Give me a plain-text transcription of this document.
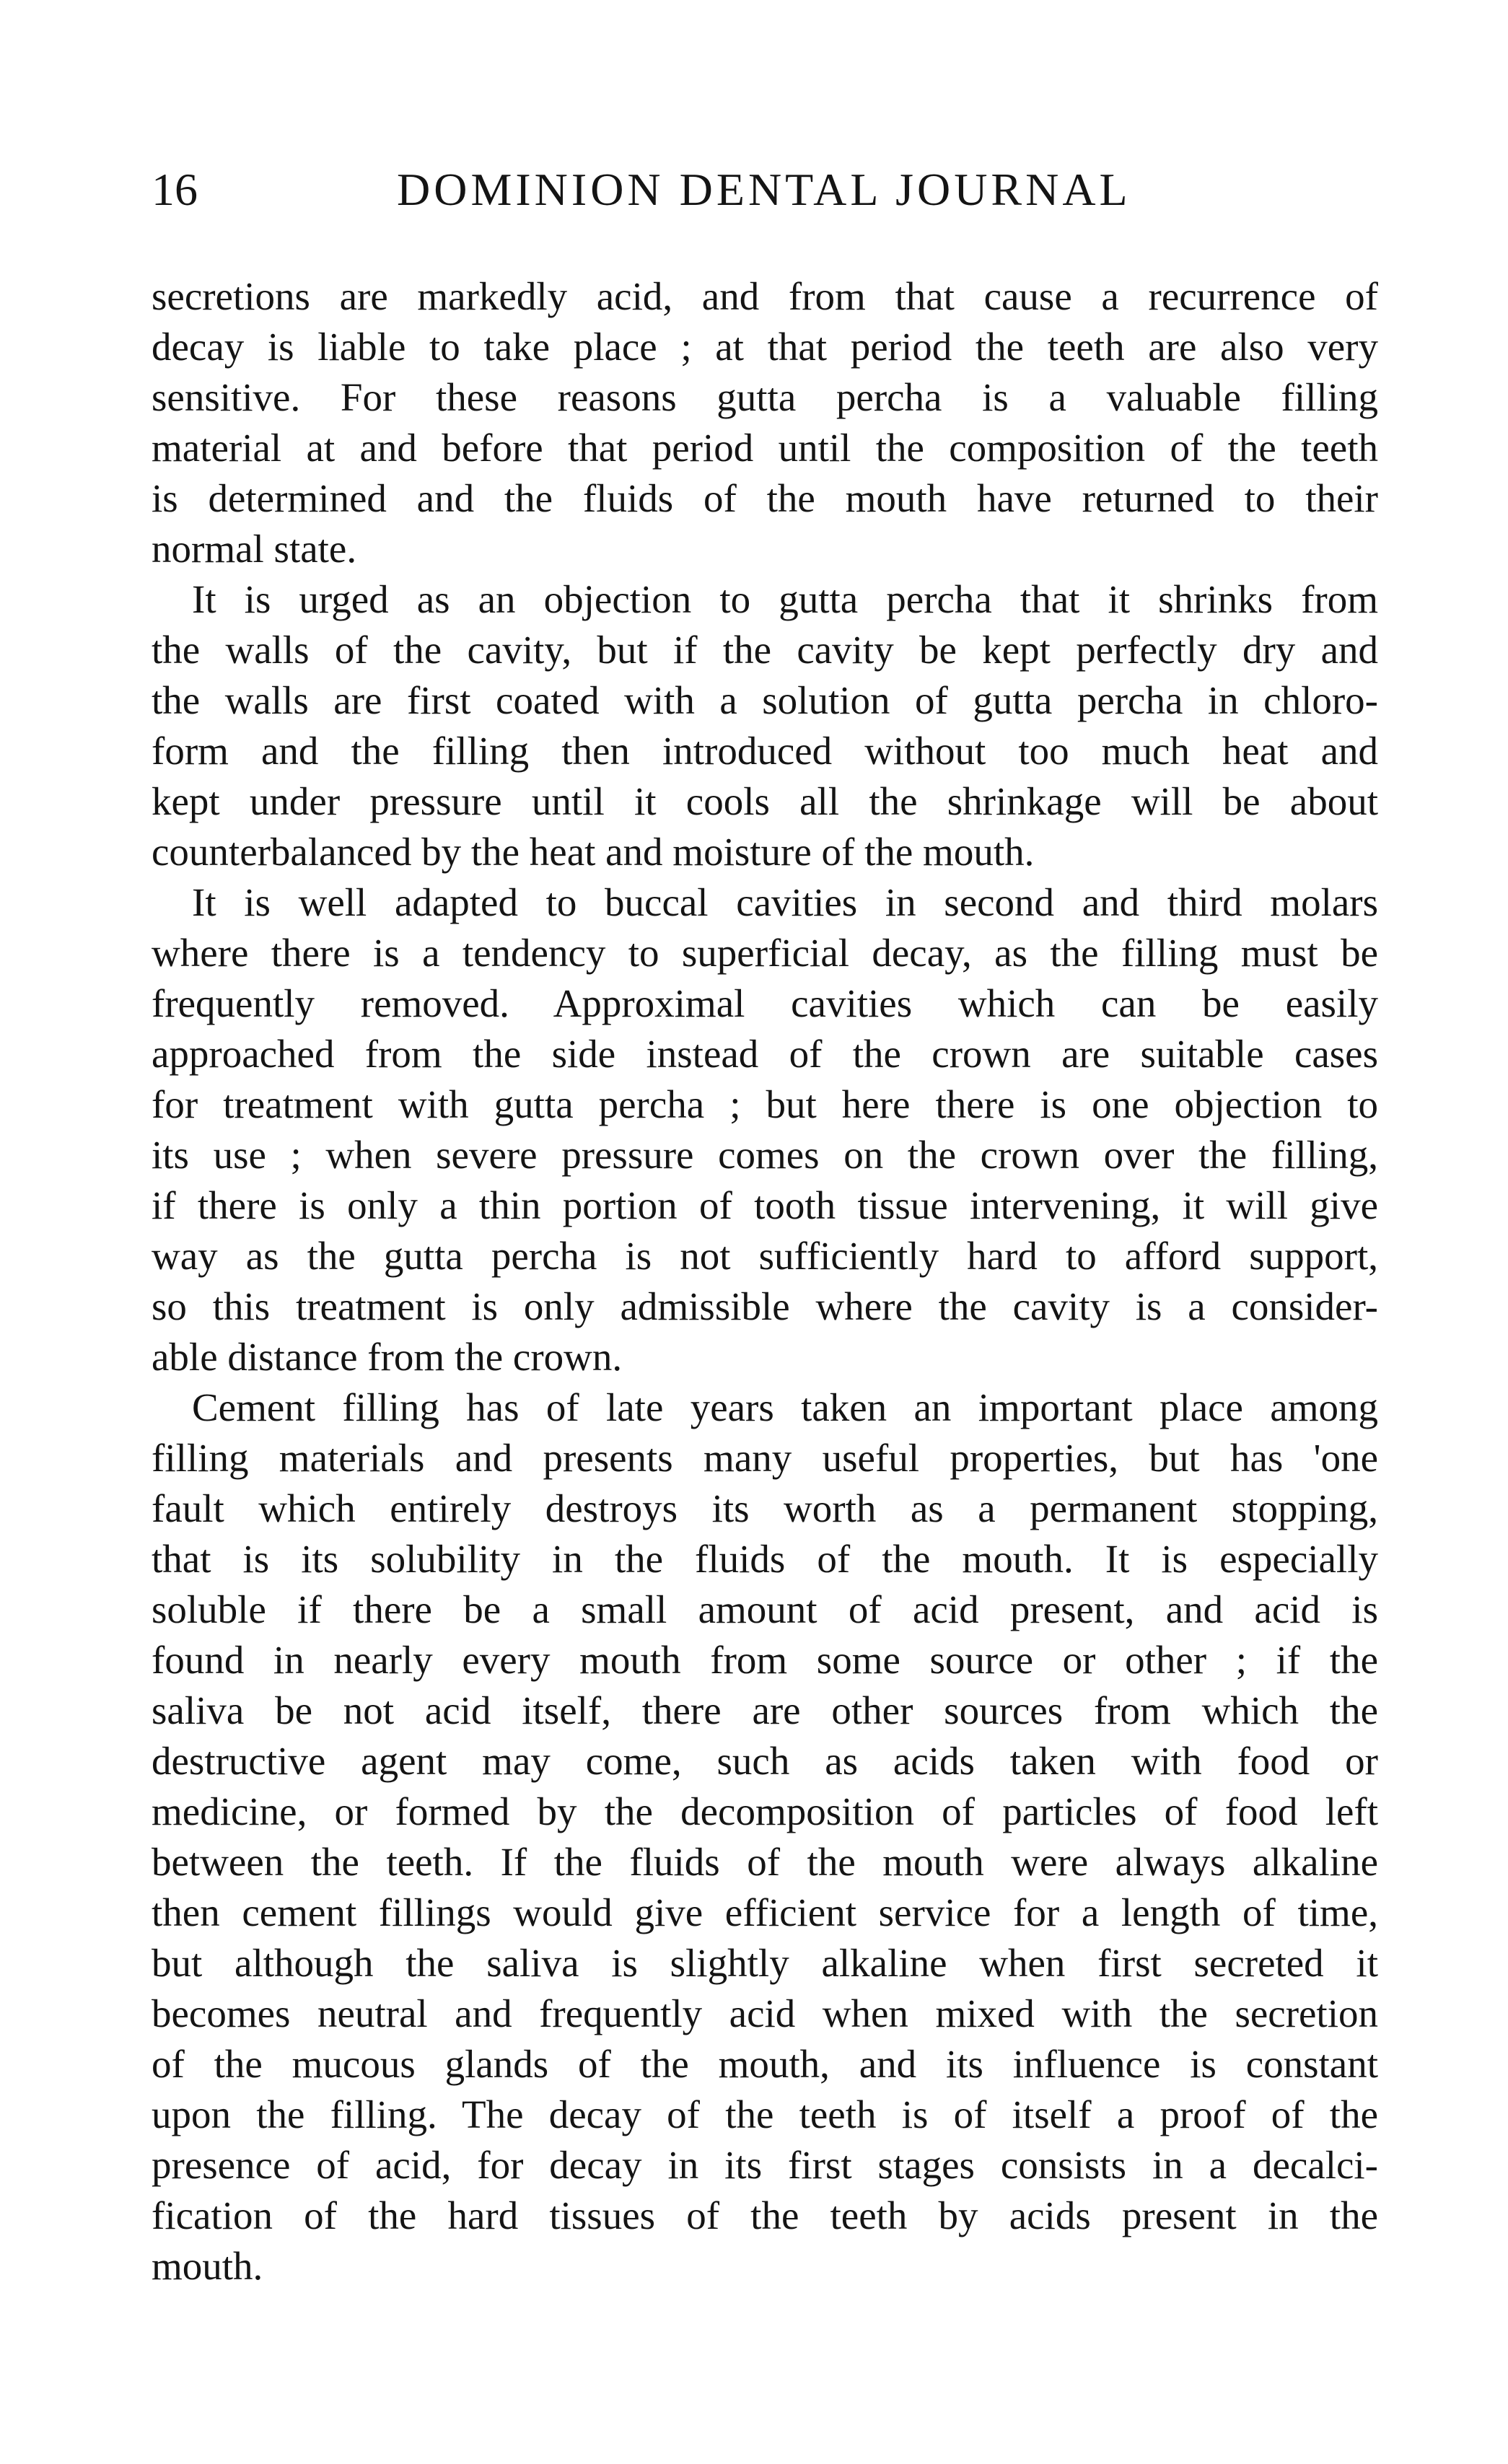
16	DOMINION DENTAL JOURNAL
secretions are markedly acid, and from that cause a recurrence of
decay is liable to take place ; at that period the teeth are also very
sensitive. For these reasons gutta percha is a valuable filling
material at and before that period until the composition of the teeth
is determined and the fluids of the mouth have returned to their
normal state.
It is urged as an objection to gutta percha that it shrinks from
the walls of the cavity, but if the cavity be kept perfectly dry and
the walls are first coated with a solution of gutta percha in chloro-
form and the filling then introduced without too much heat and
kept under pressure until it cools all the shrinkage will be about
counterbalanced by the heat and moisture of the mouth.
It is well adapted to buccal cavities in second and third molars
where there is a tendency to superficial decay, as the filling must be
frequently removed. Approximal cavities which can be easily
approached from the side instead of the crown are suitable cases
for treatment with gutta percha ; but here there is one objection to
its use ; when severe pressure comes on the crown over the filling,
if there is only a thin portion of tooth tissue intervening, it will give
way as the gutta percha is not sufficiently hard to afford support,
so this treatment is only admissible where the cavity is a consider-
able distance from the crown.
Cement filling has of late years taken an important place among
filling materials and presents many useful properties, but has 'one
fault which entirely destroys its worth as a permanent stopping,
that is its solubility in the fluids of the mouth. It is especially
soluble if there be a small amount of acid present, and acid is
found in nearly every mouth from some source or other ; if the
saliva be not acid itself, there are other sources from which the
destructive agent may come, such as acids taken with food or
medicine, or formed by the decomposition of particles of food left
between the teeth. If the fluids of the mouth were always alkaline
then cement fillings would give efficient service for a length of time,
but although the saliva is slightly alkaline when first secreted it
becomes neutral and frequently acid when mixed with the secretion
of the mucous glands of the mouth, and its influence is constant
upon the filling. The decay of the teeth is of itself a proof of the
presence of acid, for decay in its first stages consists in a decalci-
fication of the hard tissues of the teeth by acids present in the
mouth.
